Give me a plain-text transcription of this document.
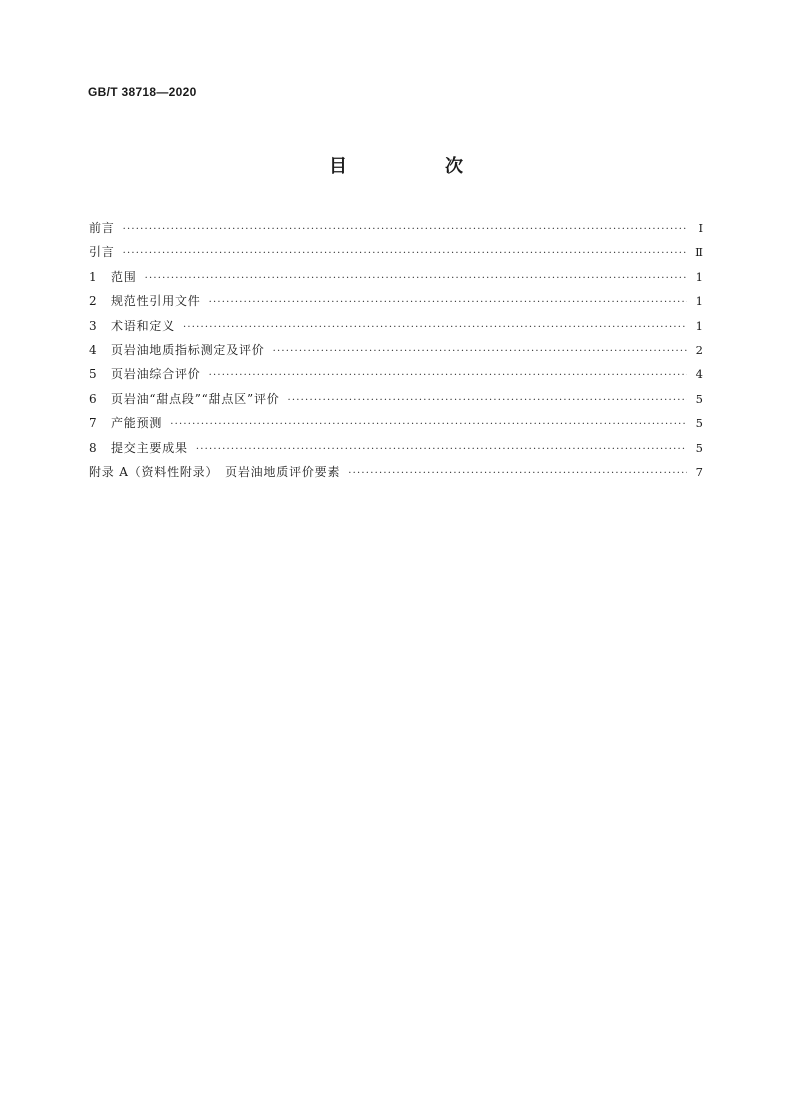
GB/T 38718—2020
目　次
前言 ·····	Ⅰ
引言 ·····	Ⅱ
1	范围 ·····	1
2	规范性引用文件 ·····	1
3	术语和定义 ·····	1
4	页岩油地质指标测定及评价 ·····	2
5	页岩油综合评价 ·····	4
6	页岩油“甜点段”“甜点区”评价 ·····	5
7	产能预测 ·····	5
8	提交主要成果 ·····	5
附录 A（资料性附录）　页岩油地质评价要素 ·····	7
